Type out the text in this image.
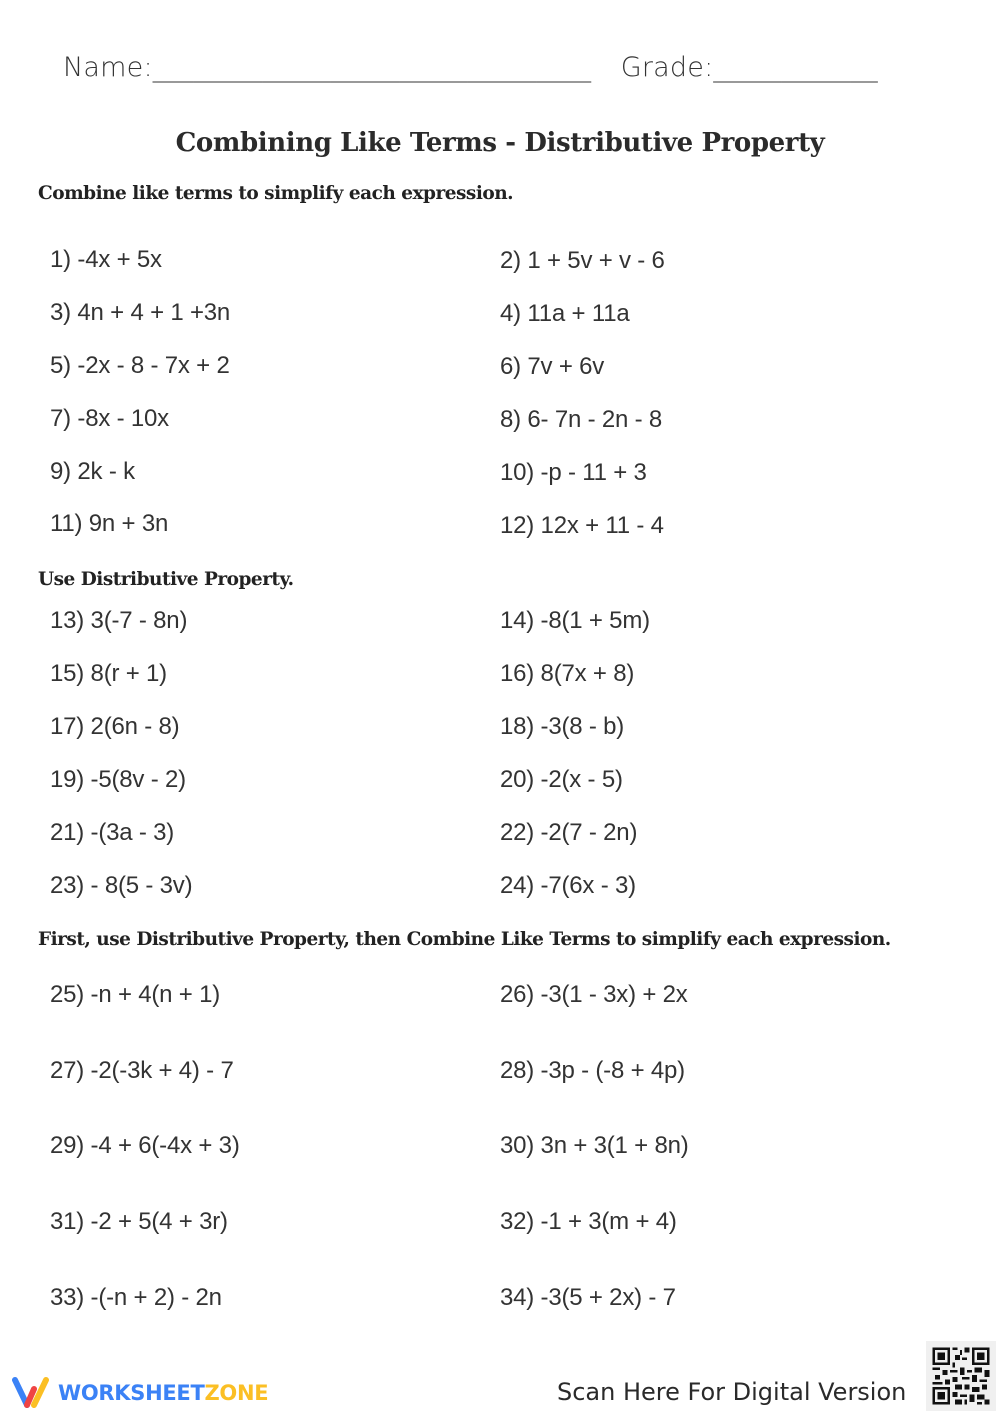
Name:________________________________ Grade:____________
Combining Like Terms - Distributive Property
Combine like terms to simplify each expression.
1) -4x + 5x	2) 1 + 5v + v - 6
3) 4n + 4 + 1 +3n	4) 11a + 11a
5) -2x - 8 - 7x + 2	6) 7v + 6v
7) -8x - 10x	8) 6- 7n - 2n - 8
9) 2k - k	10) -p - 11 + 3
11) 9n + 3n	12) 12x + 11 - 4
Use Distributive Property.
13) 3(-7 - 8n)	14) -8(1 + 5m)
15) 8(r + 1)	16) 8(7x + 8)
17) 2(6n - 8)	18) -3(8 - b)
19) -5(8v - 2)	20) -2(x - 5)
21) -(3a - 3)	22) -2(7 - 2n)
23) - 8(5 - 3v)	24) -7(6x - 3)
First, use Distributive Property, then Combine Like Terms to simplify each expression.
25) -n + 4(n + 1)	26) -3(1 - 3x) + 2x
27) -2(-3k + 4) - 7	28) -3p - (-8 + 4p)
29) -4 + 6(-4x + 3)	30) 3n + 3(1 + 8n)
31) -2 + 5(4 + 3r)	32) -1 + 3(m + 4)
33) -(-n + 2) - 2n	34) -3(5 + 2x) - 7
WORKSHEETZONE	Scan Here For Digital Version
